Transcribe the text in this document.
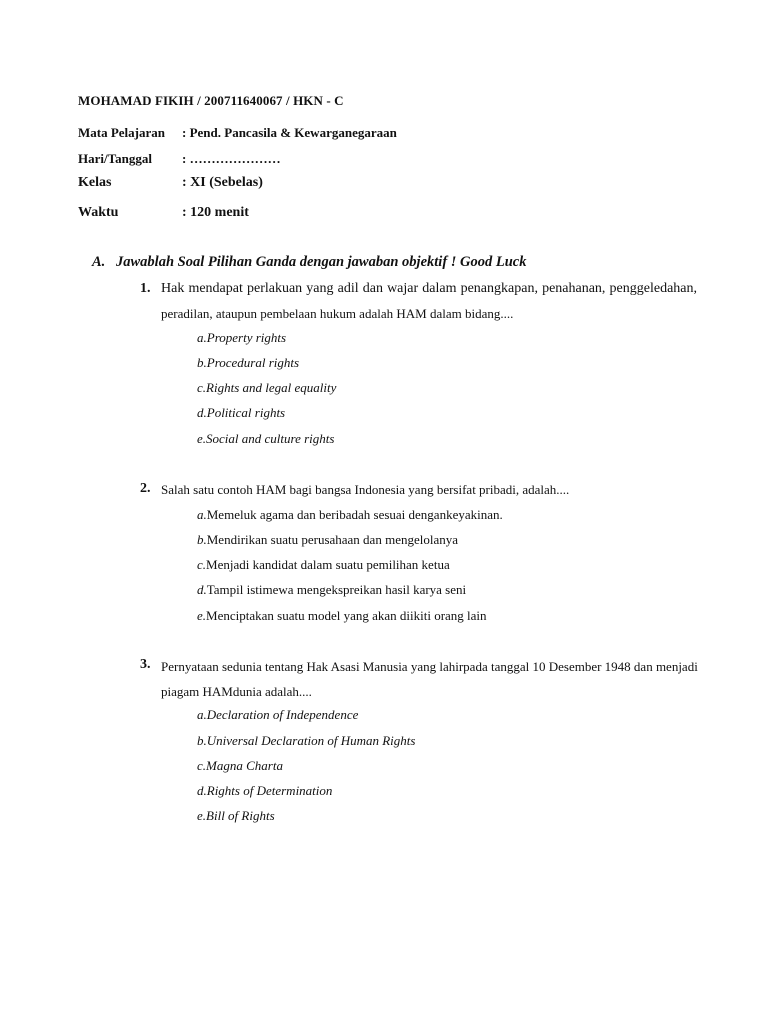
MOHAMAD FIKIH / 200711640067 / HKN - C
Mata Pelajaran : Pend. Pancasila & Kewarganegaraan
Hari/Tanggal : …………………
Kelas	: XI (Sebelas)
Waktu	: 120 menit
A. Jawablah Soal Pilihan Ganda dengan jawaban objektif ! Good Luck
1. Hak mendapat perlakuan yang adil dan wajar dalam penangkapan, penahanan, penggeledahan,
peradilan, ataupun pembelaan hukum adalah HAM dalam bidang....
a.Property rights
b.Procedural rights
c.Rights and legal equality
d.Political rights
e.Social and culture rights
2. Salah satu contoh HAM bagi bangsa Indonesia yang bersifat pribadi, adalah....
a.Memeluk agama dan beribadah sesuai dengankeyakinan.
b.Mendirikan suatu perusahaan dan mengelolanya
c.Menjadi kandidat dalam suatu pemilihan ketua
d.Tampil istimewa mengekspreikan hasil karya seni
e.Menciptakan suatu model yang akan diikiti orang lain
3. Pernyataan sedunia tentang Hak Asasi Manusia yang lahirpada tanggal 10 Desember 1948 dan menjadi
piagam HAMdunia adalah....
a.Declaration of Independence
b.Universal Declaration of Human Rights
c.Magna Charta
d.Rights of Determination
e.Bill of Rights
